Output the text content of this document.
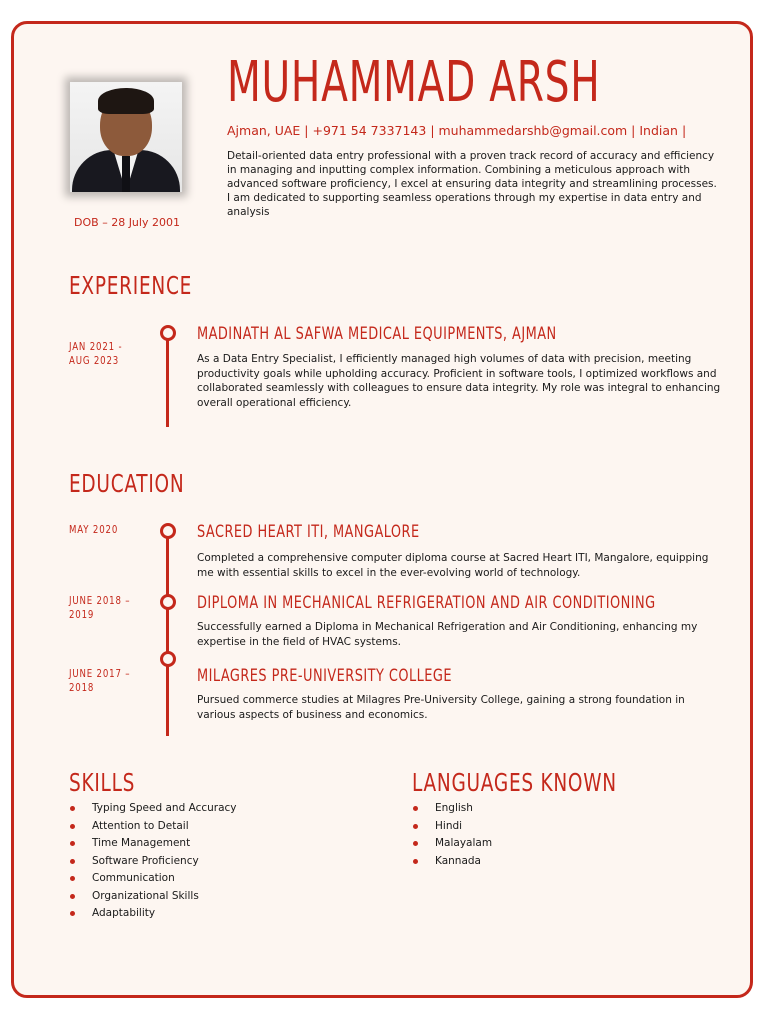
DOB – 28 July 2001
MUHAMMAD ARSH
Ajman, UAE | +971 54 7337143 | muhammedarshb@gmail.com | Indian |
Detail-oriented data entry professional with a proven track record of accuracy and efficiency in managing and inputting complex information. Combining a meticulous approach with advanced software proficiency, I excel at ensuring data integrity and streamlining processes. I am dedicated to supporting seamless operations through my expertise in data entry and analysis
EXPERIENCE
JAN 2021 -
AUG 2023
MADINATH AL SAFWA MEDICAL EQUIPMENTS, AJMAN
As a Data Entry Specialist, I efficiently managed high volumes of data with precision, meeting productivity goals while upholding accuracy. Proficient in software tools, I optimized workflows and collaborated seamlessly with colleagues to ensure data integrity. My role was integral to enhancing overall operational efficiency.
EDUCATION
MAY 2020	SACRED HEART ITI, MANGALORE
Completed a comprehensive computer diploma course at Sacred Heart ITI, Mangalore, equipping me with essential skills to excel in the ever-evolving world of technology.
JUNE 2018 –
2019
DIPLOMA IN MECHANICAL REFRIGERATION AND AIR CONDITIONING
Successfully earned a Diploma in Mechanical Refrigeration and Air Conditioning, enhancing my expertise in the field of HVAC systems.
JUNE 2017 –
2018
MILAGRES PRE-UNIVERSITY COLLEGE
Pursued commerce studies at Milagres Pre-University College, gaining a strong foundation in various aspects of business and economics.
SKILLS
Typing Speed and Accuracy
Attention to Detail
Time Management
Software Proficiency
Communication
Organizational Skills
Adaptability
LANGUAGES KNOWN
English
Hindi
Malayalam
Kannada
